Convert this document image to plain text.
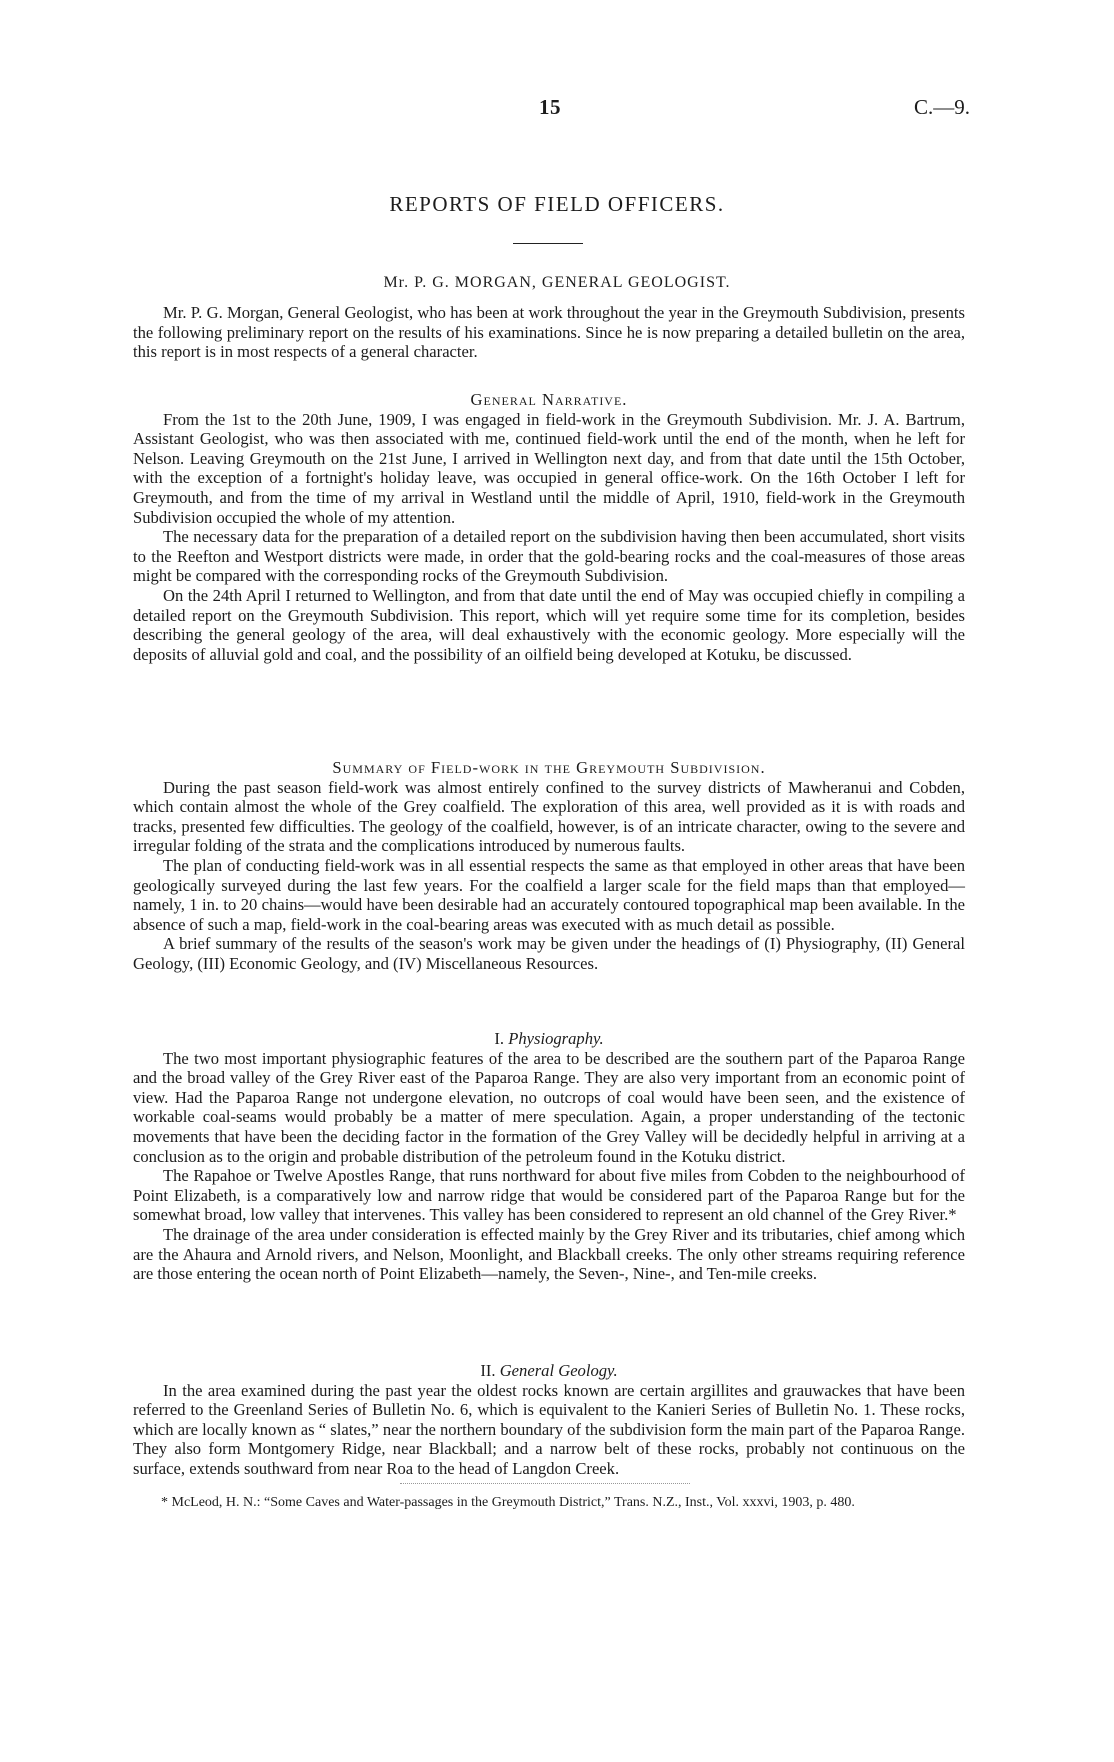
15	C.—9.
REPORTS OF FIELD OFFICERS.
Mr. P. G. MORGAN, GENERAL GEOLOGIST.

Mr. P. G. Morgan, General Geologist, who has been at work throughout the year in the Greymouth Subdivision, presents the following preliminary report on the results of his examinations. Since he is now preparing a detailed bulletin on the area, this report is in most respects of a general character.

General Narrative.

From the 1st to the 20th June, 1909, I was engaged in field-work in the Greymouth Subdivision. Mr. J. A. Bartrum, Assistant Geologist, who was then associated with me, continued field-work until the end of the month, when he left for Nelson. Leaving Greymouth on the 21st June, I arrived in Wellington next day, and from that date until the 15th October, with the exception of a fortnight's holiday leave, was occupied in general office-work. On the 16th October I left for Greymouth, and from the time of my arrival in Westland until the middle of April, 1910, field-work in the Greymouth Subdivision occupied the whole of my attention.

The necessary data for the preparation of a detailed report on the subdivision having then been accumulated, short visits to the Reefton and Westport districts were made, in order that the gold-bearing rocks and the coal-measures of those areas might be compared with the corresponding rocks of the Greymouth Subdivision.

On the 24th April I returned to Wellington, and from that date until the end of May was occupied chiefly in compiling a detailed report on the Greymouth Subdivision. This report, which will yet require some time for its completion, besides describing the general geology of the area, will deal exhaustively with the economic geology. More especially will the deposits of alluvial gold and coal, and the possibility of an oilfield being developed at Kotuku, be discussed.

Summary of Field-work in the Greymouth Subdivision.

During the past season field-work was almost entirely confined to the survey districts of Mawheranui and Cobden, which contain almost the whole of the Grey coalfield. The exploration of this area, well provided as it is with roads and tracks, presented few difficulties. The geology of the coalfield, however, is of an intricate character, owing to the severe and irregular folding of the strata and the complications introduced by numerous faults.

The plan of conducting field-work was in all essential respects the same as that employed in other areas that have been geologically surveyed during the last few years. For the coalfield a larger scale for the field maps than that employed—namely, 1 in. to 20 chains—would have been desirable had an accurately contoured topographical map been available. In the absence of such a map, field-work in the coal-bearing areas was executed with as much detail as possible.

A brief summary of the results of the season's work may be given under the headings of (I) Physiography, (II) General Geology, (III) Economic Geology, and (IV) Miscellaneous Resources.

I. Physiography.

The two most important physiographic features of the area to be described are the southern part of the Paparoa Range and the broad valley of the Grey River east of the Paparoa Range. They are also very important from an economic point of view. Had the Paparoa Range not undergone elevation, no outcrops of coal would have been seen, and the existence of workable coal-seams would probably be a matter of mere speculation. Again, a proper understanding of the tectonic movements that have been the deciding factor in the formation of the Grey Valley will be decidedly helpful in arriving at a conclusion as to the origin and probable distribution of the petroleum found in the Kotuku district.

The Rapahoe or Twelve Apostles Range, that runs northward for about five miles from Cobden to the neighbourhood of Point Elizabeth, is a comparatively low and narrow ridge that would be considered part of the Paparoa Range but for the somewhat broad, low valley that intervenes. This valley has been considered to represent an old channel of the Grey River.*

The drainage of the area under consideration is effected mainly by the Grey River and its tributaries, chief among which are the Ahaura and Arnold rivers, and Nelson, Moonlight, and Blackball creeks. The only other streams requiring reference are those entering the ocean north of Point Elizabeth—namely, the Seven-, Nine-, and Ten-mile creeks.

II. General Geology.

In the area examined during the past year the oldest rocks known are certain argillites and grauwackes that have been referred to the Greenland Series of Bulletin No. 6, which is equivalent to the Kanieri Series of Bulletin No. 1. These rocks, which are locally known as “ slates,” near the northern boundary of the subdivision form the main part of the Paparoa Range. They also form Montgomery Ridge, near Blackball; and a narrow belt of these rocks, probably not continuous on the surface, extends southward from near Roa to the head of Langdon Creek.

* McLeod, H. N.: “Some Caves and Water-passages in the Greymouth District,” Trans. N.Z., Inst., Vol. xxxvi, 1903, p. 480.
